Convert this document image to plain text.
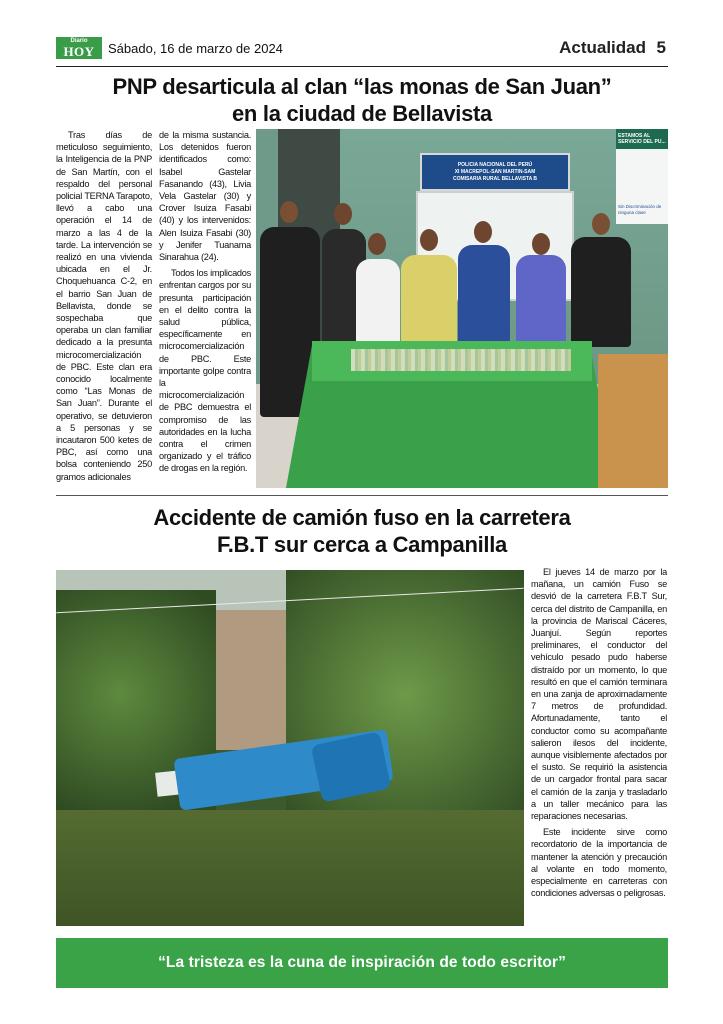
Diario
HOY	Sábado, 16 de marzo de 2024	Actualidad 5
PNP desarticula al clan “las monas de San Juan”
en la ciudad de Bellavista

Tras días de meticuloso seguimiento, la Inteligencia de la PNP de San Martín, con el respaldo del personal policial TERNA Tarapoto, llevó a cabo una operación el 14 de marzo a las 4 de la tarde. La intervención se realizó en una vivienda ubicada en el Jr. Choquehuanca C-2, en el barrio San Juan de Bellavista, donde se sospechaba que operaba un clan familiar dedicado a la presunta microcomercialización de PBC. Este clan era conocido localmente como “Las Monas de San Juan”. Durante el operativo, se detuvieron a 5 personas y se incautaron 500 ketes de PBC, así como una bolsa conteniendo 250 gramos adicionales

de la misma sustancia. Los detenidos fueron identificados como: Isabel Gastelar Fasanando (43), Livia Vela Gastelar (30) y Crover Isuiza Fasabi (40) y los intervenidos: Alen Isuiza Fasabi (30) y Jenifer Tuanama Sinarahua (24).

Todos los implicados enfrentan cargos por su presunta participación en el delito contra la salud pública, específicamente en microcomercialización de PBC. Este importante golpe contra la microcomercialización de PBC demuestra el compromiso de las autoridades en la lucha contra el crimen organizado y el tráfico de drogas en la región.

POLICIA NACIONAL DEL PERÚ
XI MACREPOL-SAN MARTIN-SAM
COMISARIA RURAL BELLAVISTA B
ESTAMOS AL SERVICIO DEL PU...
Sin Discriminación de ninguna clase
Accidente de camión fuso en la carretera
F.B.T sur cerca a Campanilla

El jueves 14 de marzo por la mañana, un camión Fuso se desvió de la carretera F.B.T Sur, cerca del distrito de Campanilla, en la provincia de Mariscal Cáceres, Juanjuí. Según reportes preliminares, el conductor del vehículo pesado pudo haberse distraído por un momento, lo que resultó en que el camión terminara en una zanja de aproximadamente 7 metros de profundidad. Afortunadamente, tanto el conductor como su acompañante salieron ilesos del incidente, aunque visiblemente afectados por el susto. Se requirió la asistencia de un cargador frontal para sacar el camión de la zanja y trasladarlo a un taller mecánico para las reparaciones necesarias.

Este incidente sirve como recordatorio de la importancia de mantener la atención y precaución al volante en todo momento, especialmente en carreteras con condiciones adversas o peligrosas.

“La tristeza es la cuna de inspiración de todo escritor”
